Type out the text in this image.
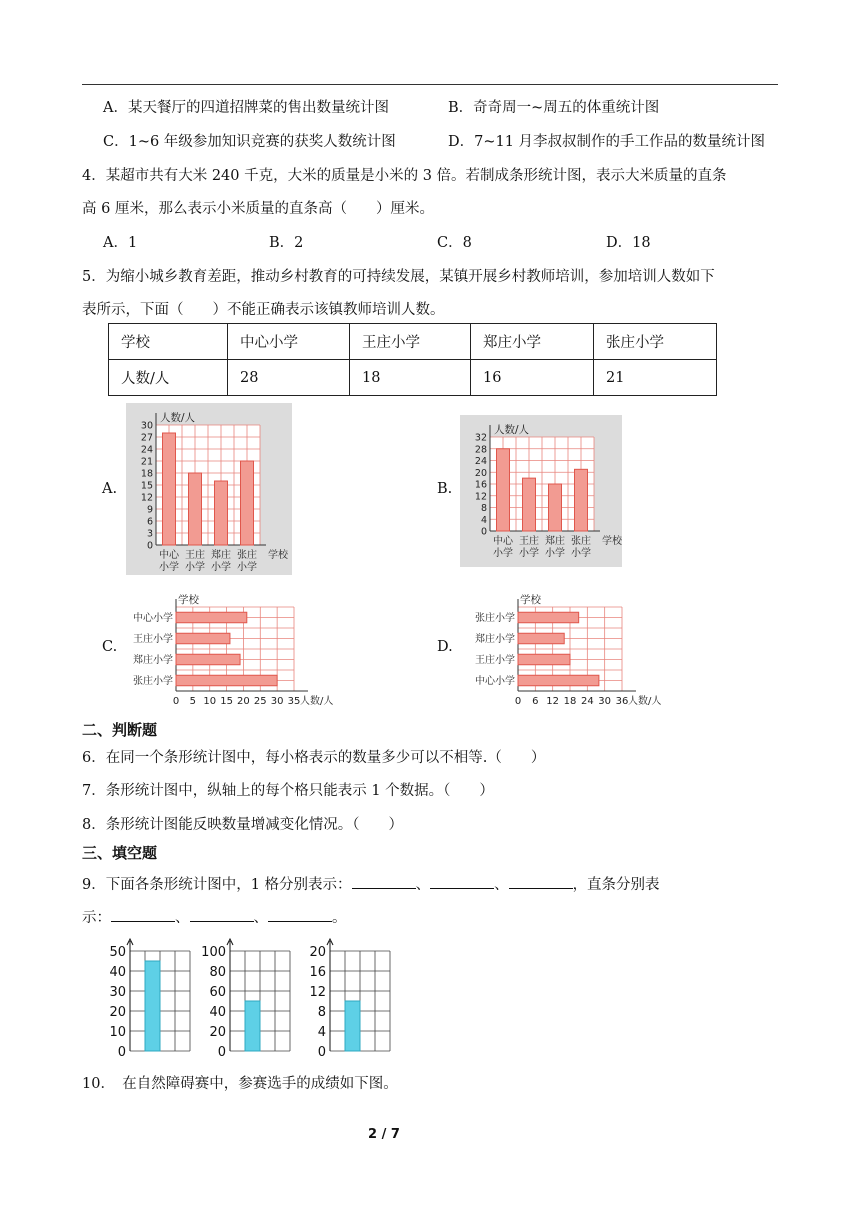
A．某天餐厅的四道招牌菜的售出数量统计图	B．奇奇周一~周五的体重统计图
C．1~6 年级参加知识竞赛的获奖人数统计图	D．7~11 月李叔叔制作的手工作品的数量统计图
4．某超市共有大米 240 千克，大米的质量是小米的 3 倍。若制成条形统计图，表示大米质量的直条
高 6 厘米，那么表示小米质量的直条高（　　）厘米。
A．1	B．2	C．8	D．18
5．为缩小城乡教育差距，推动乡村教育的可持续发展，某镇开展乡村教师培训，参加培训人数如下
表所示，下面（　　）不能正确表示该镇教师培训人数。
学校	中心小学	王庄小学	郑庄小学	张庄小学
人数/人	28	18	16	21
A.	B.
C.	D.
0
3
6
9
12
15
18
21
24
27
30
人数/人
中心
小学
王庄
小学
郑庄
小学
张庄
小学
学校
0
4
8
12
16
20
24
28
32
人数/人
中心
小学
王庄
小学
郑庄
小学
张庄
小学
学校
0 5 10 15 20 25 30 35
学校
人数/人
中心小学
王庄小学
郑庄小学
张庄小学
0 6 12 18 24 30 36
学校
人数/人
张庄小学
郑庄小学
王庄小学
中心小学
二、判断题
6．在同一个条形统计图中，每小格表示的数量多少可以不相等.（　　）
7．条形统计图中，纵轴上的每个格只能表示 1 个数据。（　　）
8．条形统计图能反映数量增减变化情况。（　　）
三、填空题
9．下面各条形统计图中，1 格分别表示：	、	、	，直条分别表
示：	、	、	。
0
10
20
30
40
50
0
20
40
60
80
100
0
4
8
12
16
20
10．　在自然障碍赛中，参赛选手的成绩如下图。
2 / 7
